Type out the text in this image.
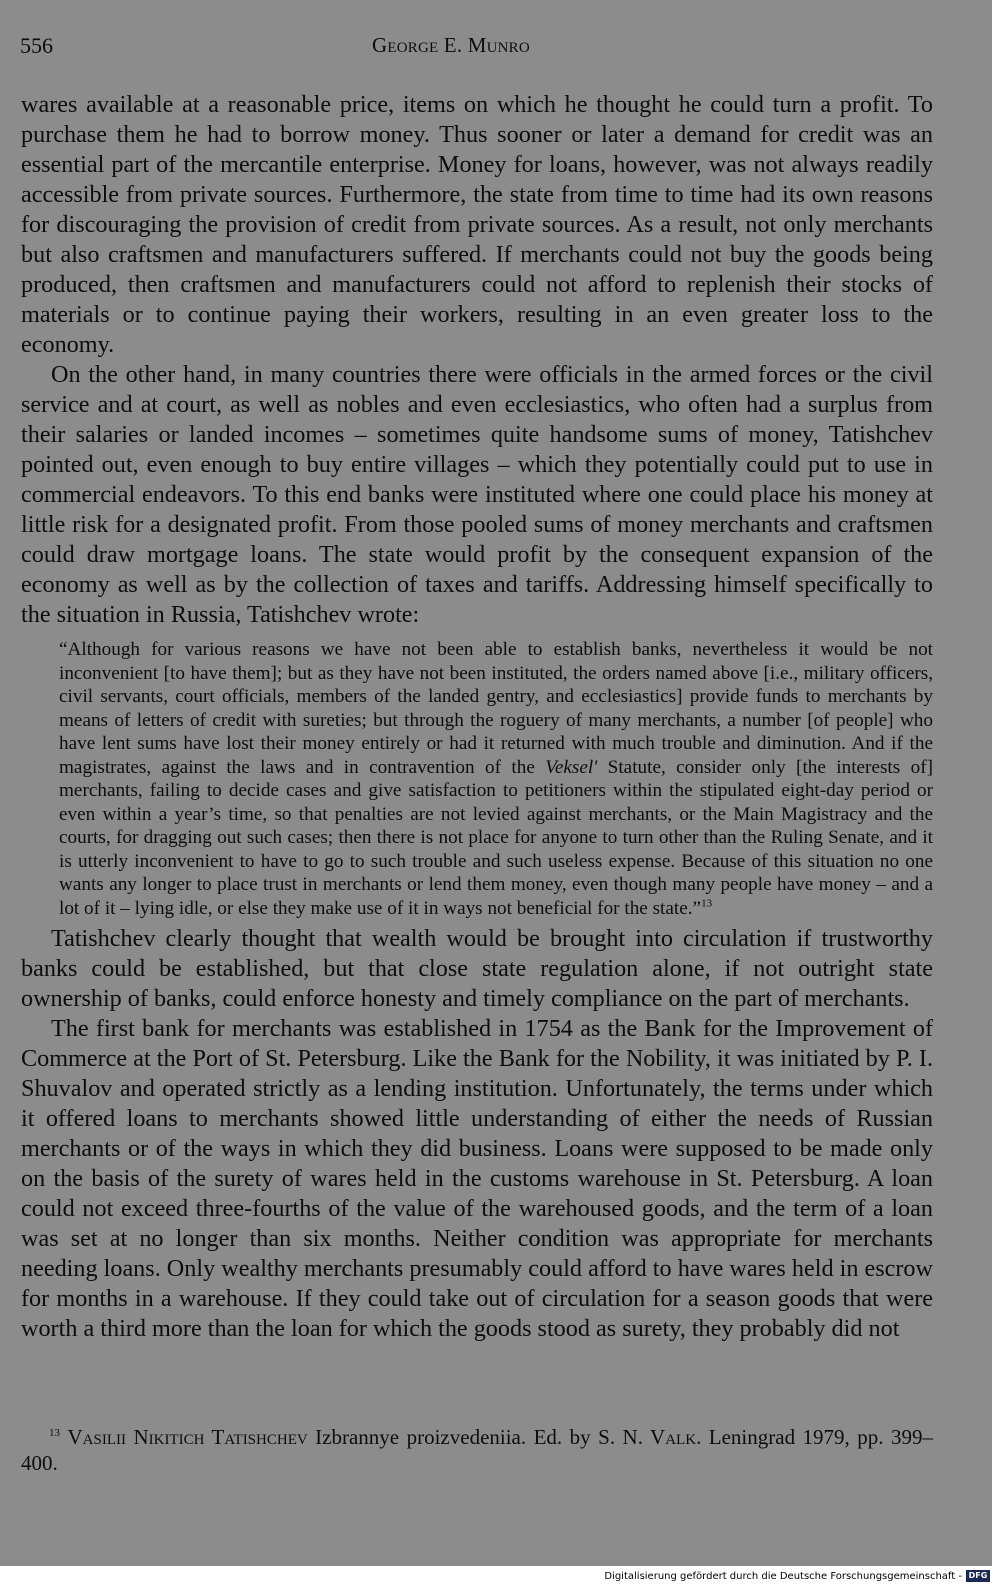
556	George E. Munro

wares available at a reasonable price, items on which he thought he could turn a profit. To purchase them he had to borrow money. Thus sooner or later a demand for credit was an essential part of the mercantile enterprise. Money for loans, however, was not always readily accessible from private sources. Furthermore, the state from time to time had its own reasons for discouraging the provision of credit from private sources. As a result, not only merchants but also craftsmen and manufacturers suffered. If merchants could not buy the goods being produced, then craftsmen and manufacturers could not afford to replenish their stocks of materials or to continue paying their workers, resulting in an even greater loss to the economy.

On the other hand, in many countries there were officials in the armed forces or the civil service and at court, as well as nobles and even ecclesiastics, who often had a surplus from their salaries or landed incomes – sometimes quite handsome sums of money, Tatishchev pointed out, even enough to buy entire villages – which they potentially could put to use in commercial endeavors. To this end banks were instituted where one could place his money at little risk for a designated profit. From those pooled sums of money merchants and craftsmen could draw mortgage loans. The state would profit by the consequent expansion of the economy as well as by the collection of taxes and tariffs. Addressing himself specifically to the situation in Russia, Tatishchev wrote:

“Although for various reasons we have not been able to establish banks, nevertheless it would be not inconvenient [to have them]; but as they have not been instituted, the orders named above [i.e., military officers, civil servants, court officials, members of the landed gentry, and ecclesiastics] provide funds to merchants by means of letters of credit with sureties; but through the roguery of many merchants, a number [of people] who have lent sums have lost their money entirely or had it returned with much trouble and diminution. And if the magistrates, against the laws and in contravention of the Veksel' Statute, consider only [the interests of] merchants, failing to decide cases and give satisfaction to petitioners within the stipulated eight-day period or even within a year’s time, so that penalties are not levied against merchants, or the Main Magistracy and the courts, for dragging out such cases; then there is not place for anyone to turn other than the Ruling Senate, and it is utterly inconvenient to have to go to such trouble and such useless expense. Because of this situation no one wants any longer to place trust in merchants or lend them money, even though many people have money – and a lot of it – lying idle, or else they make use of it in ways not beneficial for the state.”$^{13}$

Tatishchev clearly thought that wealth would be brought into circulation if trustworthy banks could be established, but that close state regulation alone, if not outright state ownership of banks, could enforce honesty and timely compliance on the part of merchants.

The first bank for merchants was established in 1754 as the Bank for the Improvement of Commerce at the Port of St. Petersburg. Like the Bank for the Nobility, it was initiated by P. I. Shuvalov and operated strictly as a lending institution. Unfortunately, the terms under which it offered loans to merchants showed little understanding of either the needs of Russian merchants or of the ways in which they did business. Loans were supposed to be made only on the basis of the surety of wares held in the customs warehouse in St. Petersburg. A loan could not exceed three-fourths of the value of the warehoused goods, and the term of a loan was set at no longer than six months. Neither condition was appropriate for merchants needing loans. Only wealthy merchants presumably could afford to have wares held in escrow for months in a warehouse. If they could take out of circulation for a season goods that were worth a third more than the loan for which the goods stood as surety, they probably did not

$^{13}$ Vasilii Nikitich Tatishchev Izbrannye proizvedeniia. Ed. by S. N. Valk. Leningrad 1979, pp. 399–400.
Digitalisierung gefördert durch die Deutsche Forschungsgemeinschaft - DFG
